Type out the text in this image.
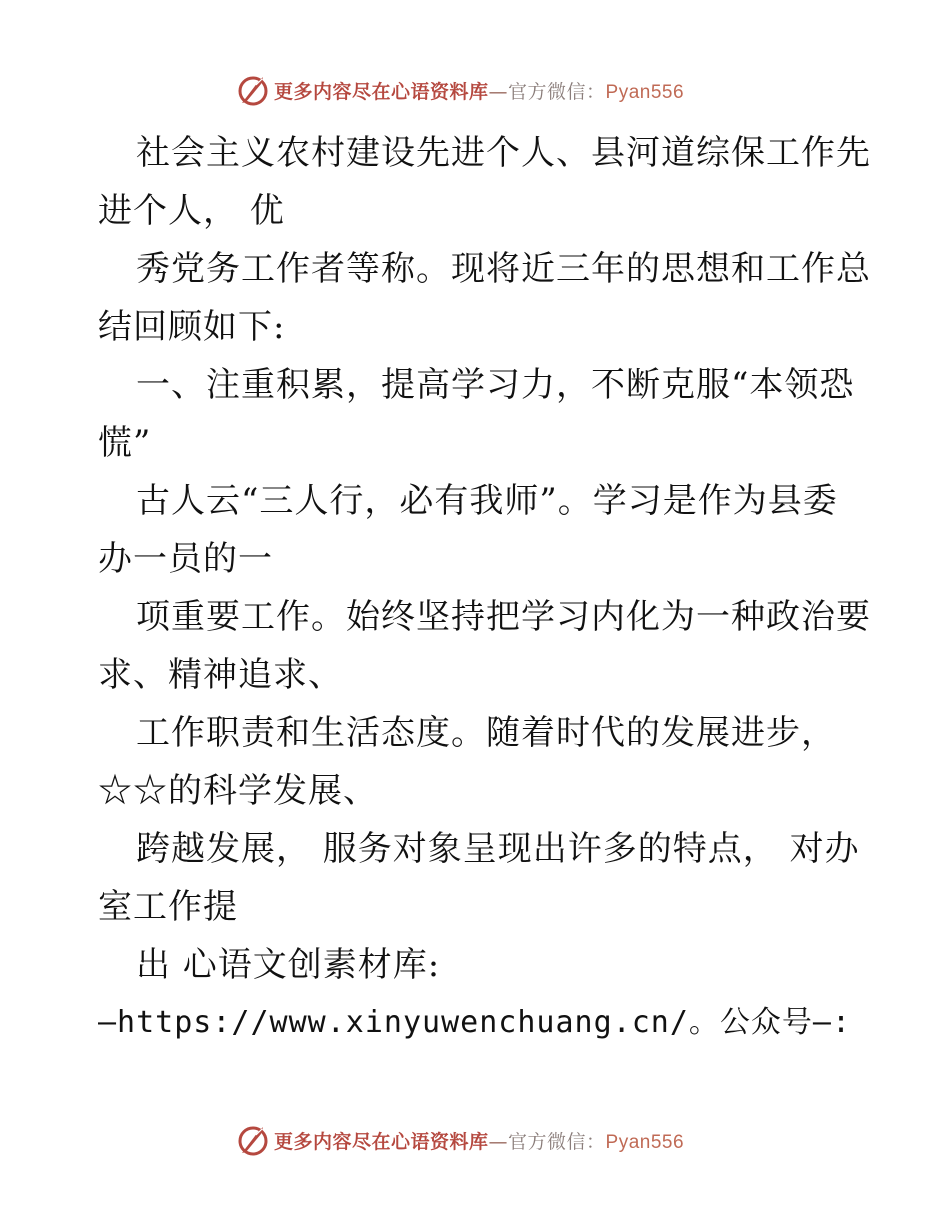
更多内容尽在心语资料库—官方微信：Pyan556
社会主义农村建设先进个人、县河道综保工作先
进个人， 优
秀党务工作者等称。现将近三年的思想和工作总
结回顾如下:
一、注重积累，提高学习力，不断克服“本领恐
慌”
古人云“三人行，必有我师”。学习是作为县委
办一员的一
项重要工作。始终坚持把学习内化为一种政治要
求、精神追求、
工作职责和生活态度。随着时代的发展进步，
☆☆的科学发展、
跨越发展， 服务对象呈现出许多的特点， 对办
室工作提
出 心语文创素材库:
—https://www.xinyuwenchuang.cn/。公众号—:
更多内容尽在心语资料库—官方微信：Pyan556
